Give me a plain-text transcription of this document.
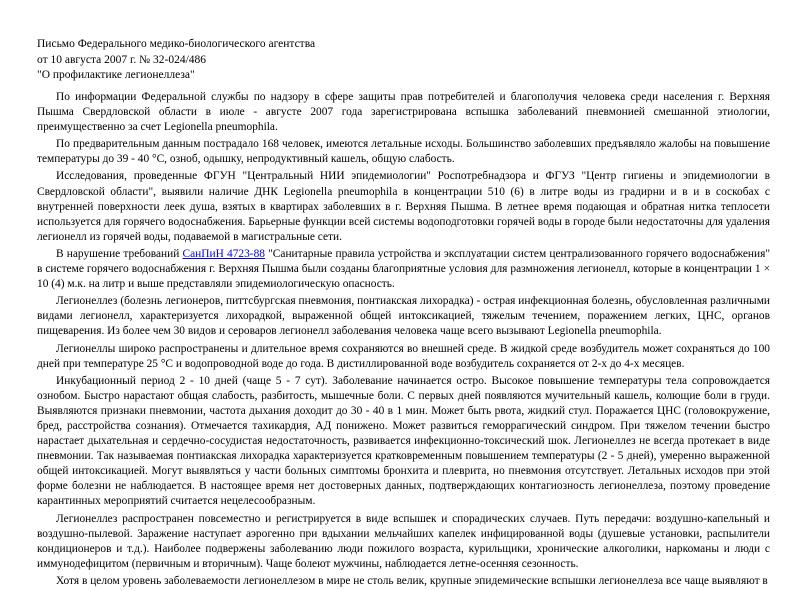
Письмо Федерального медико-биологического агентства
от 10 августа 2007 г. № 32-024/486
"О профилактике легионеллеза"

По информации Федеральной службы по надзору в сфере защиты прав потребителей и благополучия человека среди населения г. Верхняя Пышма Свердловской области в июле - августе 2007 года зарегистрирована вспышка заболеваний пневмонией смешанной этиологии, преимущественно за счет Legionella pneumophila.

По предварительным данным пострадало 168 человек, имеются летальные исходы. Большинство заболевших предъявляло жалобы на повышение температуры до 39 - 40 °С, озноб, одышку, непродуктивный кашель, общую слабость.

Исследования, проведенные ФГУН "Центральный НИИ эпидемиологии" Роспотребнадзора и ФГУЗ "Центр гигиены и эпидемиологии в Свердловской области", выявили наличие ДНК Legionella pneumophila в концентрации 510 (6) в литре воды из градирни и в и в соскобах с внутренней поверхности леек душа, взятых в квартирах заболевших в г. Верхняя Пышма. В летнее время подающая и обратная нитка теплосети используется для горячего водоснабжения. Барьерные функции всей системы водоподготовки горячей воды в городе были недостаточны для удаления легионелл из горячей воды, подаваемой в магистральные сети.

В нарушение требований СанПиН 4723-88 "Санитарные правила устройства и эксплуатации систем централизованного горячего водоснабжения" в системе горячего водоснабжения г. Верхняя Пышма были созданы благоприятные условия для размножения легионелл, которые в концентрации 1 × 10 (4) м.к. на литр и выше представляли эпидемиологическую опасность.

Легионеллез (болезнь легионеров, питтсбургская пневмония, понтиакская лихорадка) - острая инфекционная болезнь, обусловленная различными видами легионелл, характеризуется лихорадкой, выраженной общей интоксикацией, тяжелым течением, поражением легких, ЦНС, органов пищеварения. Из более чем 30 видов и сероваров легионелл заболевания человека чаще всего вызывают Legionella pneumophila.

Легионеллы широко распространены и длительное время сохраняются во внешней среде. В жидкой среде возбудитель может сохраняться до 100 дней при температуре 25 °С и водопроводной воде до года. В дистиллированной воде возбудитель сохраняется от 2-х до 4-х месяцев.

Инкубационный период 2 - 10 дней (чаще 5 - 7 сут). Заболевание начинается остро. Высокое повышение температуры тела сопровождается ознобом. Быстро нарастают общая слабость, разбитость, мышечные боли. С первых дней появляются мучительный кашель, колющие боли в груди. Выявляются признаки пневмонии, частота дыхания доходит до 30 - 40 в 1 мин. Может быть рвота, жидкий стул. Поражается ЦНС (головокружение, бред, расстройства сознания). Отмечается тахикардия, АД понижено. Может развиться геморрагический синдром. При тяжелом течении быстро нарастает дыхательная и сердечно-сосудистая недостаточность, развивается инфекционно-токсический шок. Легионеллез не всегда протекает в виде пневмонии. Так называемая понтиакская лихорадка характеризуется кратковременным повышением температуры (2 - 5 дней), умеренно выраженной общей интоксикацией. Могут выявляться у части больных симптомы бронхита и плеврита, но пневмония отсутствует. Летальных исходов при этой форме болезни не наблюдается. В настоящее время нет достоверных данных, подтверждающих контагиозность легионеллеза, поэтому проведение карантинных мероприятий считается нецелесообразным.

Легионеллез распространен повсеместно и регистрируется в виде вспышек и спорадических случаев. Путь передачи: воздушно-капельный и воздушно-пылевой. Заражение наступает аэрогенно при вдыхании мельчайших капелек инфицированной воды (душевые установки, распылители кондиционеров и т.д.). Наиболее подвержены заболеванию люди пожилого возраста, курильщики, хронические алкоголики, наркоманы и люди с иммунодефицитом (первичным и вторичным). Чаще болеют мужчины, наблюдается летне-осенняя сезонность.

Хотя в целом уровень заболеваемости легионеллезом в мире не столь велик, крупные эпидемические вспышки легионеллеза все чаще выявляют в
